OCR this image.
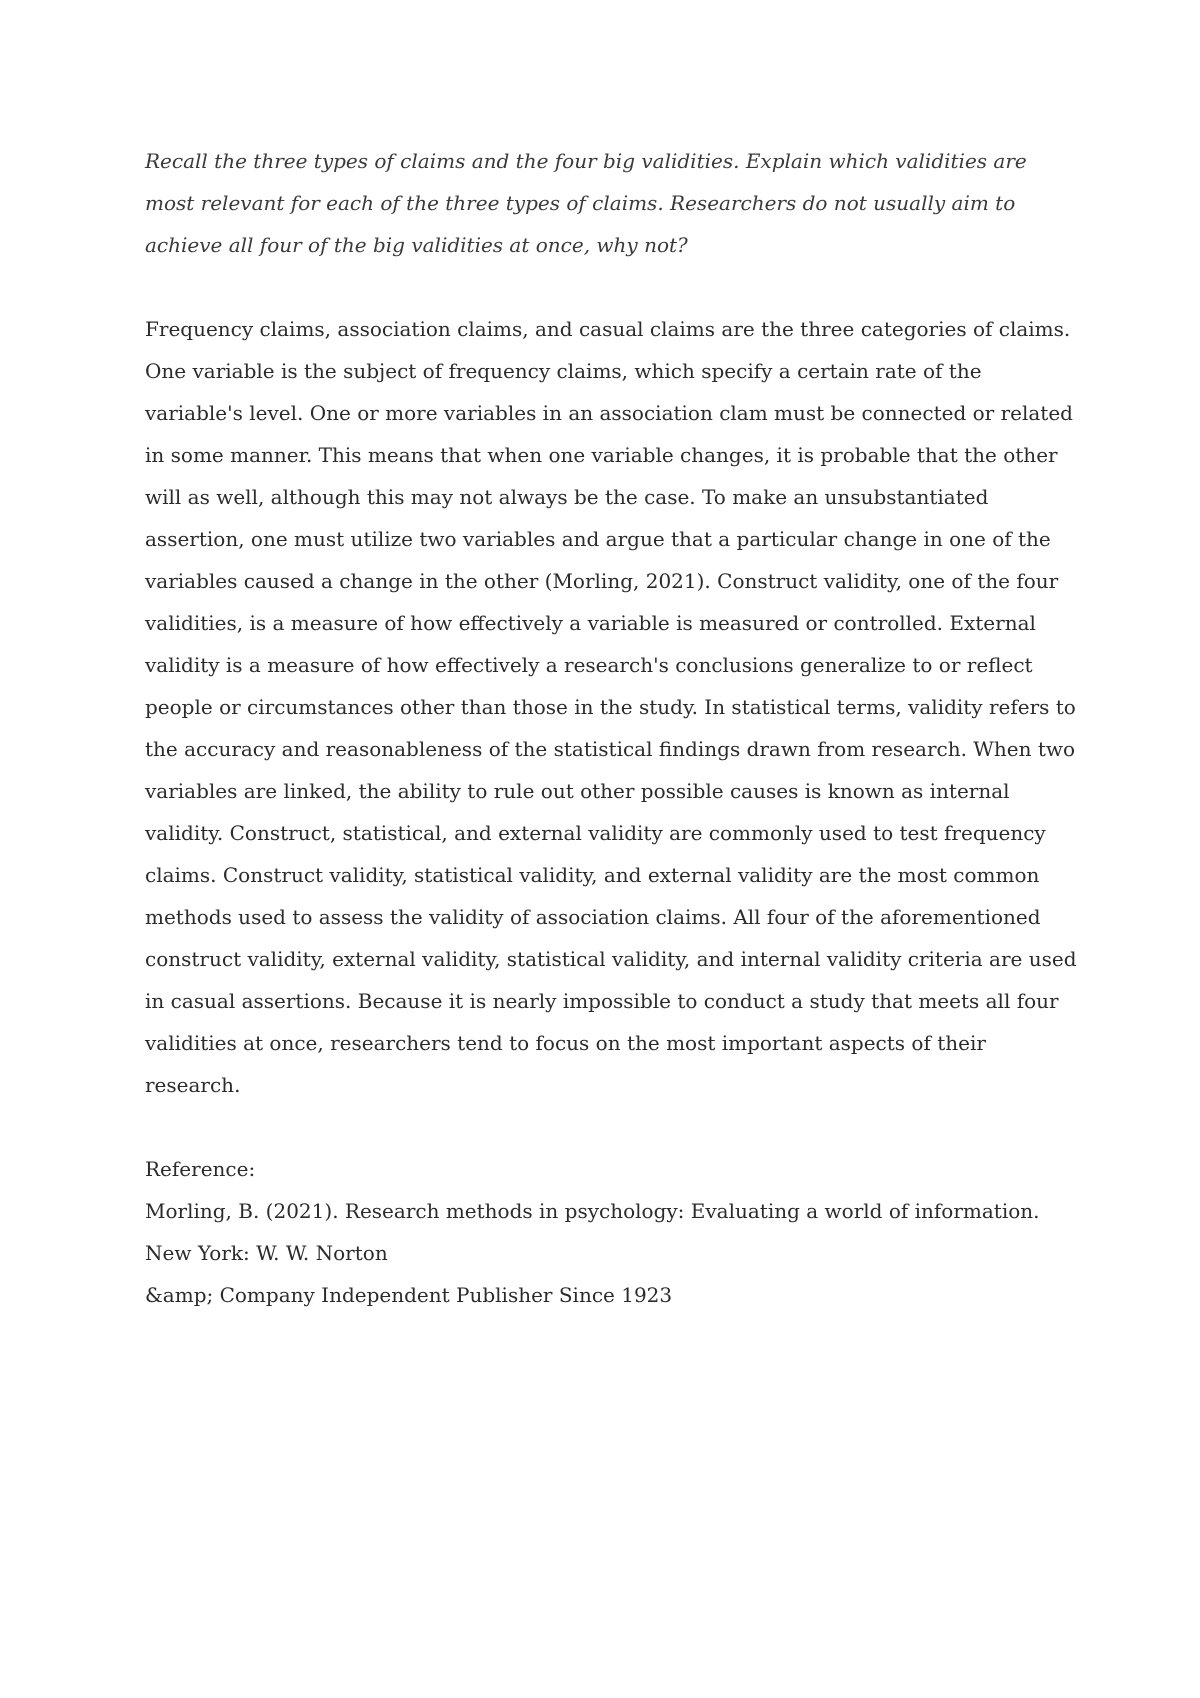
Recall the three types of claims and the four big validities. Explain which validities are most relevant for each of the three types of claims. Researchers do not usually aim to achieve all four of the big validities at once, why not?

Frequency claims, association claims, and casual claims are the three categories of claims. One variable is the subject of frequency claims, which specify a certain rate of the variable's level. One or more variables in an association clam must be connected or related in some manner. This means that when one variable changes, it is probable that the other will as well, although this may not always be the case. To make an unsubstantiated assertion, one must utilize two variables and argue that a particular change in one of the variables caused a change in the other (Morling, 2021). Construct validity, one of the four validities, is a measure of how effectively a variable is measured or controlled. External validity is a measure of how effectively a research's conclusions generalize to or reflect people or circumstances other than those in the study. In statistical terms, validity refers to the accuracy and reasonableness of the statistical findings drawn from research. When two variables are linked, the ability to rule out other possible causes is known as internal validity. Construct, statistical, and external validity are commonly used to test frequency claims. Construct validity, statistical validity, and external validity are the most common methods used to assess the validity of association claims. All four of the aforementioned construct validity, external validity, statistical validity, and internal validity criteria are used in casual assertions. Because it is nearly impossible to conduct a study that meets all four validities at once, researchers tend to focus on the most important aspects of their research.

Reference:
Morling, B. (2021). Research methods in psychology: Evaluating a world of information.
New York: W. W. Norton
&amp; Company Independent Publisher Since 1923
